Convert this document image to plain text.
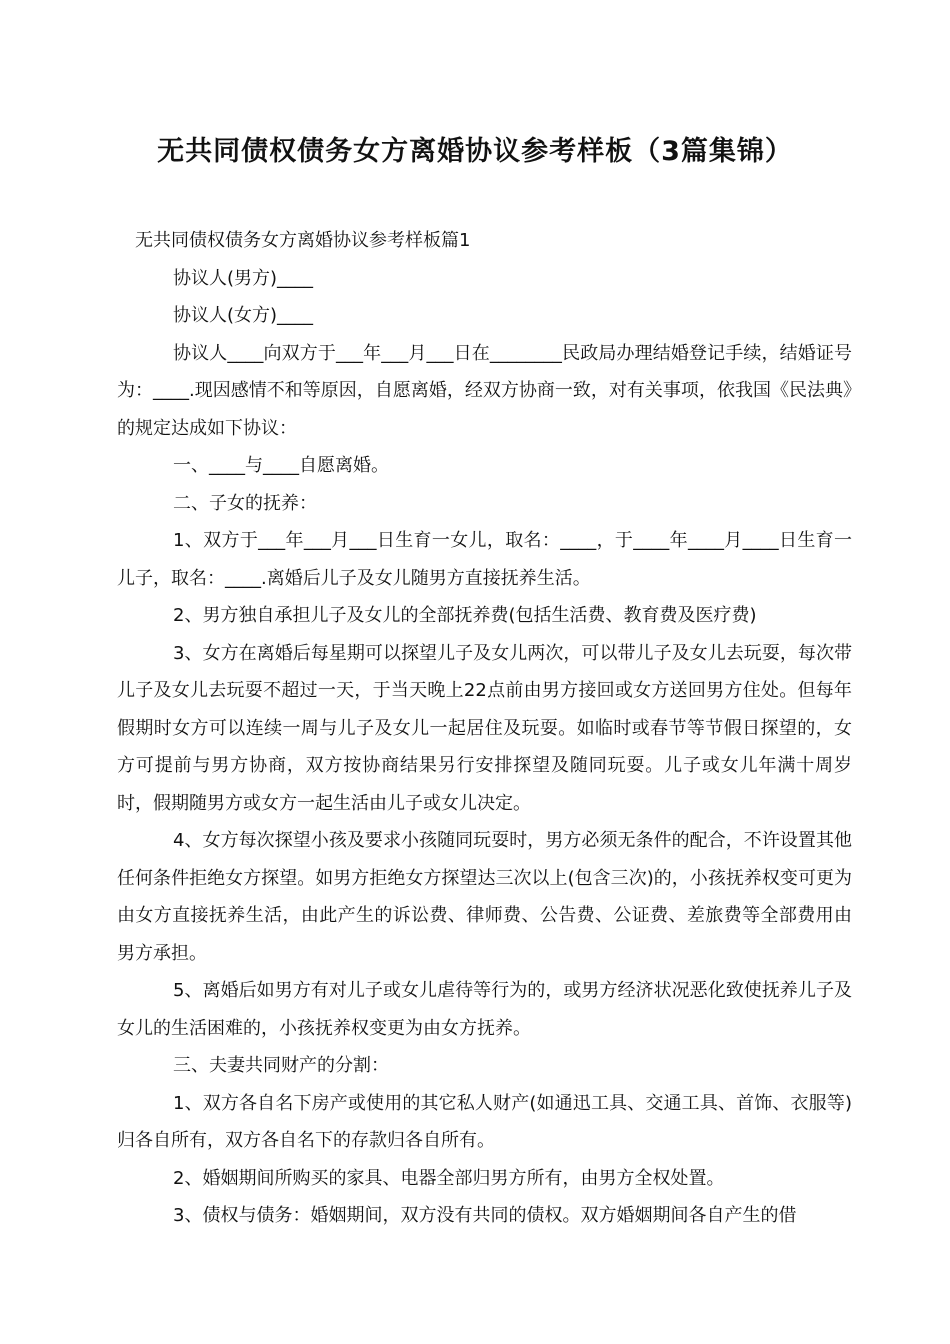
无共同债权债务女方离婚协议参考样板（3篇集锦）

无共同债权债务女方离婚协议参考样板篇1

协议人(男方)____

协议人(女方)____

协议人____向双方于___年___月___日在________民政局办理结婚登记手续，结婚证号为：____.现因感情不和等原因，自愿离婚，经双方协商一致，对有关事项，依我国《民法典》的规定达成如下协议：

一、____与____自愿离婚。

二、子女的抚养：

1、双方于___年___月___日生育一女儿，取名：____，于____年____月____日生育一儿子，取名：____.离婚后儿子及女儿随男方直接抚养生活。

2、男方独自承担儿子及女儿的全部抚养费(包括生活费、教育费及医疗费)

3、女方在离婚后每星期可以探望儿子及女儿两次，可以带儿子及女儿去玩耍，每次带儿子及女儿去玩耍不超过一天，于当天晚上22点前由男方接回或女方送回男方住处。但每年假期时女方可以连续一周与儿子及女儿一起居住及玩耍。如临时或春节等节假日探望的，女方可提前与男方协商，双方按协商结果另行安排探望及随同玩耍。儿子或女儿年满十周岁时，假期随男方或女方一起生活由儿子或女儿决定。

4、女方每次探望小孩及要求小孩随同玩耍时，男方必须无条件的配合，不许设置其他任何条件拒绝女方探望。如男方拒绝女方探望达三次以上(包含三次)的，小孩抚养权变可更为由女方直接抚养生活，由此产生的诉讼费、律师费、公告费、公证费、差旅费等全部费用由男方承担。

5、离婚后如男方有对儿子或女儿虐待等行为的，或男方经济状况恶化致使抚养儿子及女儿的生活困难的，小孩抚养权变更为由女方抚养。

三、夫妻共同财产的分割：

1、双方各自名下房产或使用的其它私人财产(如通迅工具、交通工具、首饰、衣服等)归各自所有，双方各自名下的存款归各自所有。

2、婚姻期间所购买的家具、电器全部归男方所有，由男方全权处置。

3、债权与债务：婚姻期间，双方没有共同的债权。双方婚姻期间各自产生的借
